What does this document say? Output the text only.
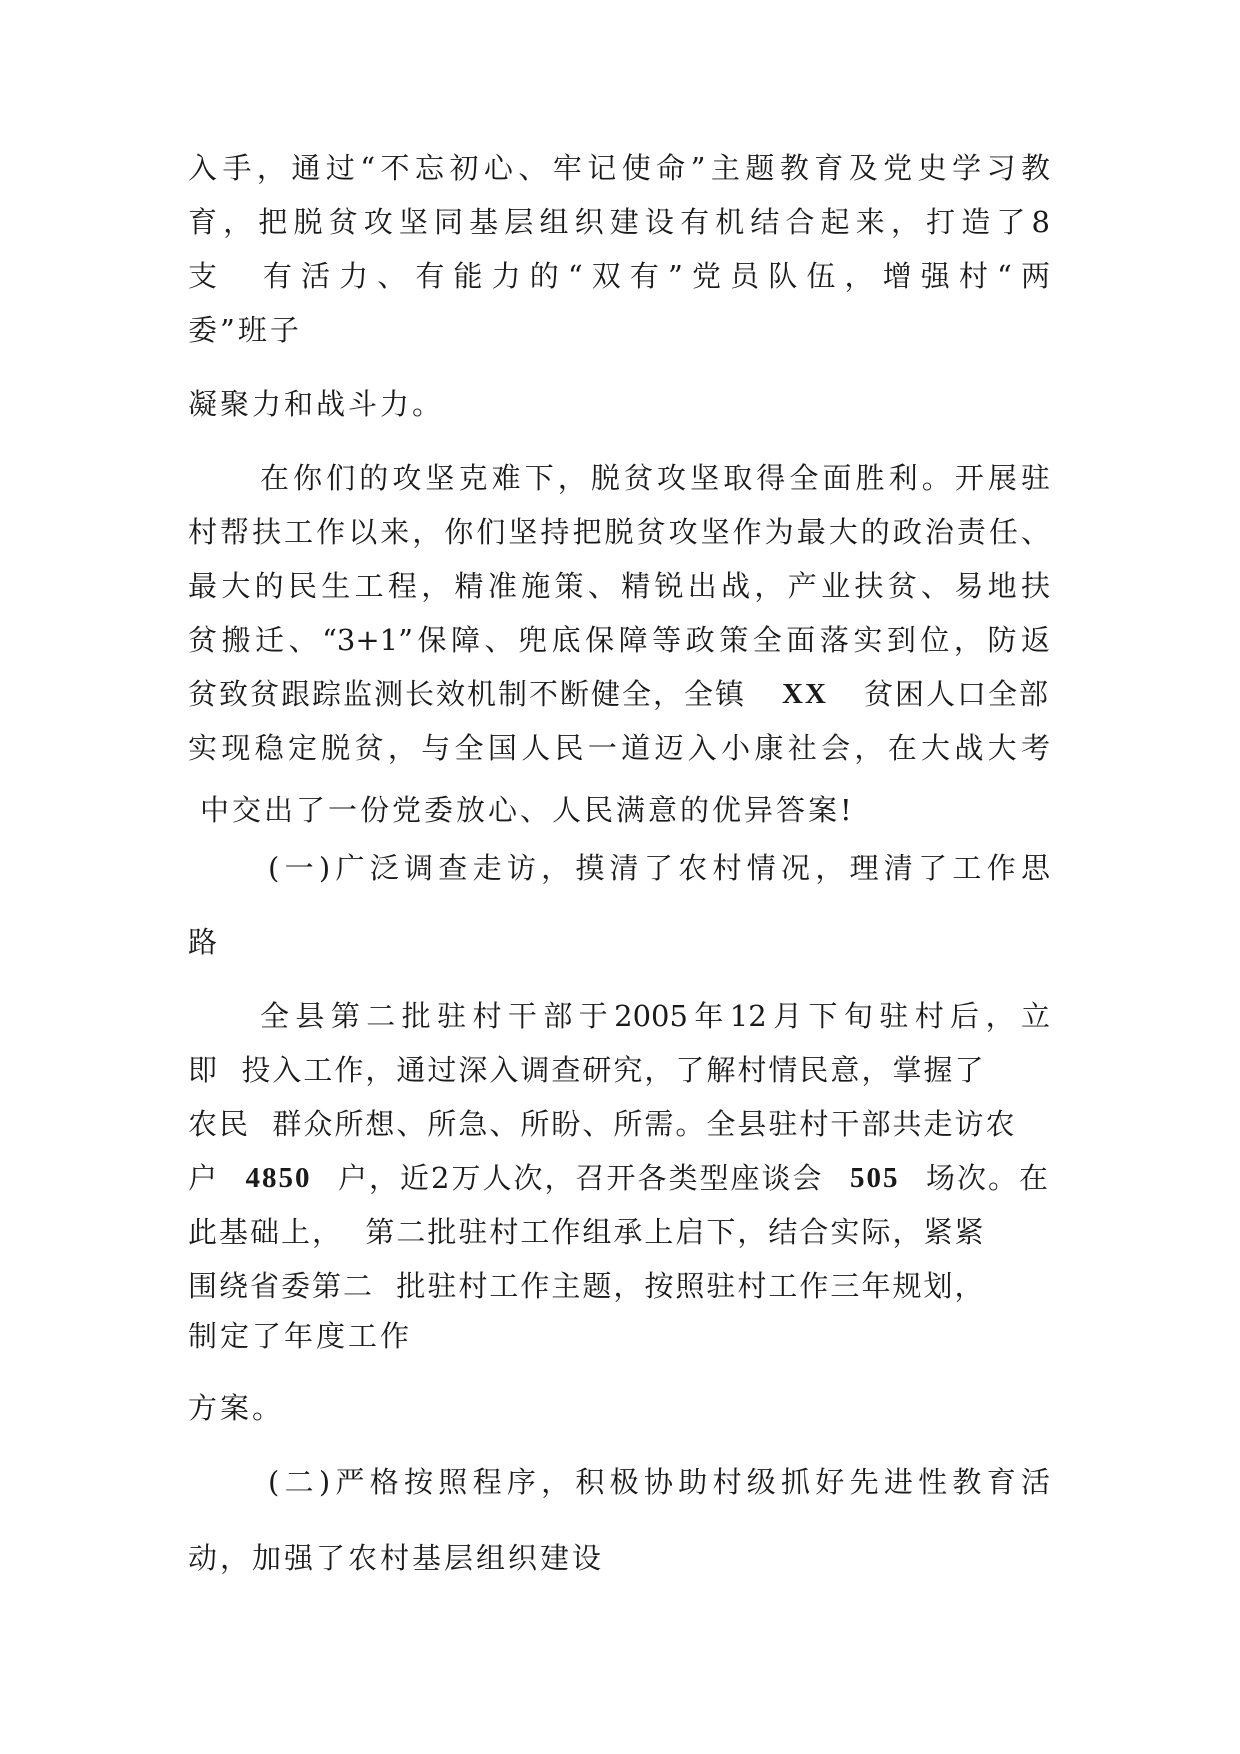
入手，通过“不忘初心、牢记使命”主题教育及党史学习教

育，把脱贫攻坚同基层组织建设有机结合起来，打造了8

支  有活力、有能力的“双有”党员队伍，增强村“两

委”班子

凝聚力和战斗力。

在你们的攻坚克难下，脱贫攻坚取得全面胜利。开展驻

村帮扶工作以来，你们坚持把脱贫攻坚作为最大的政治责任、

最大的民生工程，精准施策、精锐出战，产业扶贫、易地扶

贫搬迁、“3+1”保障、兜底保障等政策全面落实到位，防返

贫致贫跟踪监测长效机制不断健全，全镇 XX 贫困人口全部

实现稳定脱贫，与全国人民一道迈入小康社会，在大战大考

中交出了一份党委放心、人民满意的优异答案!

(一)广泛调查走访，摸清了农村情况，理清了工作思

路

全县第二批驻村干部于2005年12月下旬驻村后，立

即  投入工作，通过深入调查研究，了解村情民意，掌握了

农民  群众所想、所急、所盼、所需。全县驻村干部共走访农

户 4850 户，近2万人次，召开各类型座谈会 505 场次。在

此基础上，  第二批驻村工作组承上启下，结合实际，紧紧

围绕省委第二  批驻村工作主题，按照驻村工作三年规划，

制定了年度工作

方案。

(二)严格按照程序，积极协助村级抓好先进性教育活

动，加强了农村基层组织建设
